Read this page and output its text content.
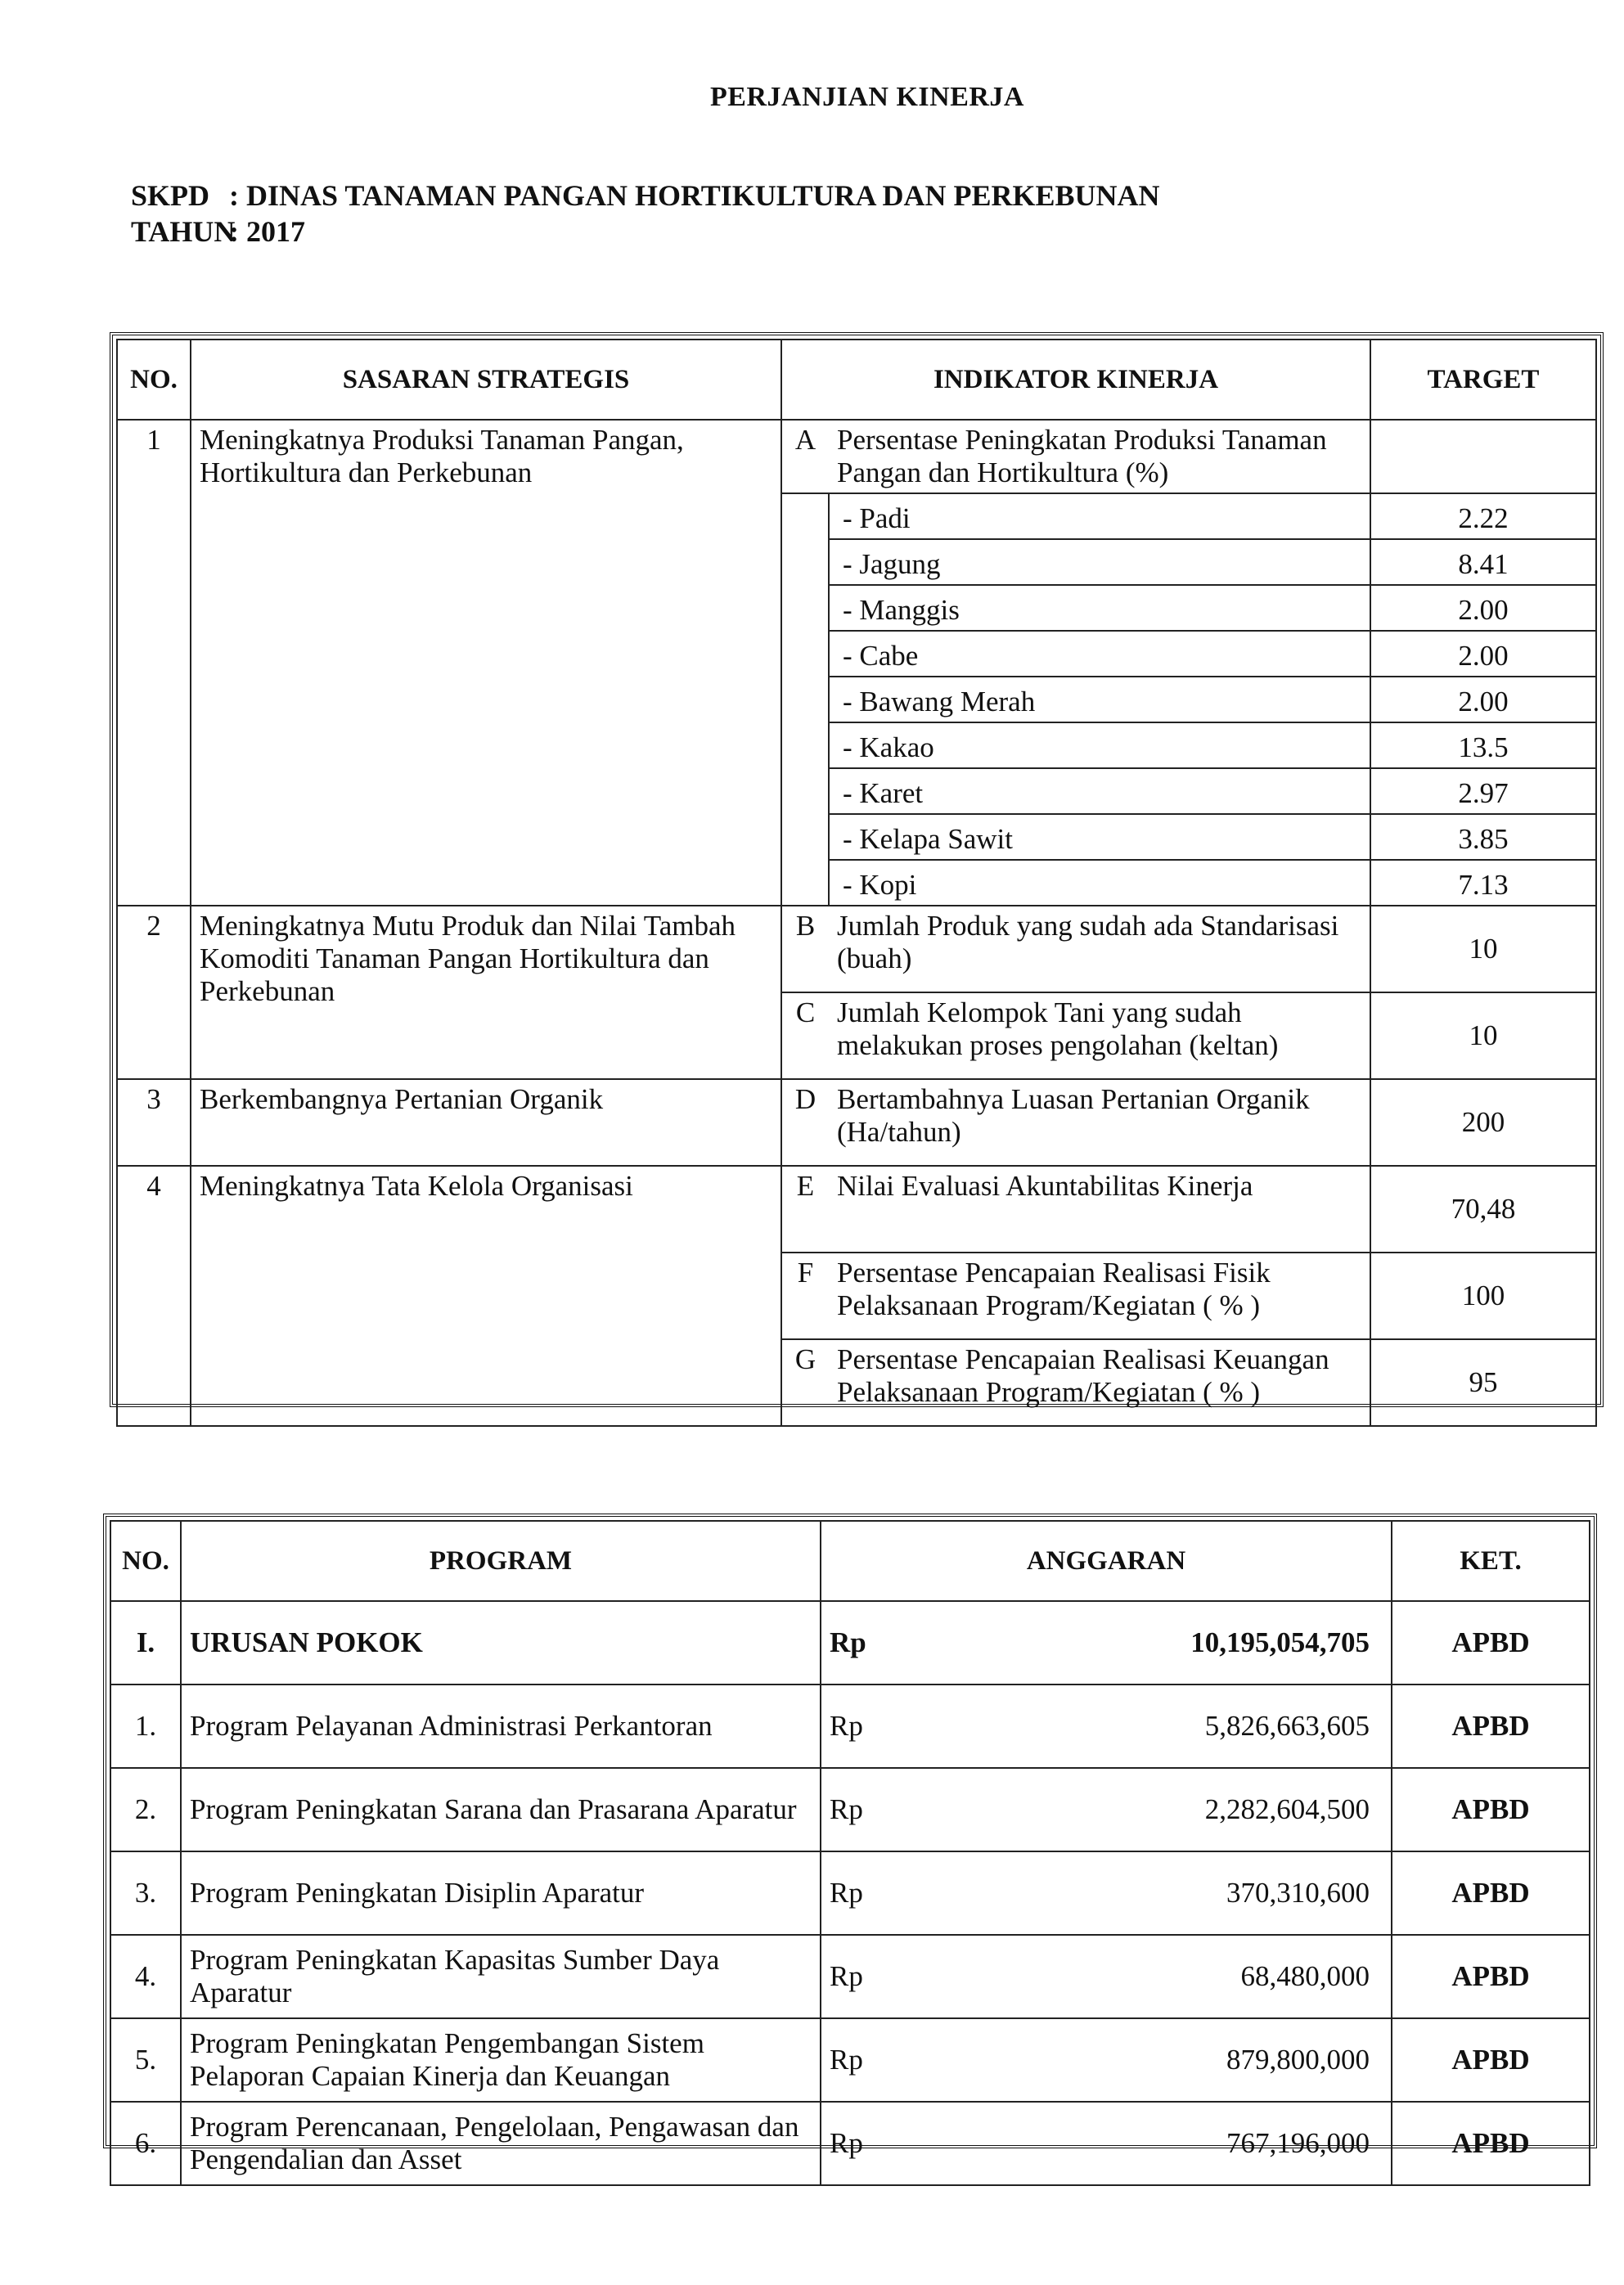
PERJANJIAN KINERJA
SKPD : DINAS TANAMAN PANGAN HORTIKULTURA DAN PERKEBUNAN
TAHUN: 2017
NO.	SASARAN STRATEGIS	INDIKATOR KINERJA		TARGET
1	Meningkatnya Produksi Tanaman Pangan, Hortikultura dan Perkebunan	A	Persentase Peningkatan Produksi Tanaman Pangan dan Hortikultura (%)	
			- Padi	2.22
			- Jagung	8.41
			- Manggis	2.00
			- Cabe	2.00
			- Bawang Merah	2.00
			- Kakao	13.5
			- Karet	2.97
			- Kelapa Sawit	3.85
			- Kopi	7.13
2	Meningkatnya Mutu Produk dan Nilai Tambah Komoditi Tanaman Pangan Hortikultura dan Perkebunan	B	Jumlah Produk yang sudah ada Standarisasi (buah)	10
		C	Jumlah Kelompok Tani yang sudah melakukan proses pengolahan (keltan)	10
3	Berkembangnya Pertanian Organik	D	Bertambahnya Luasan Pertanian Organik (Ha/tahun)	200
4	Meningkatnya Tata Kelola Organisasi	E	Nilai Evaluasi Akuntabilitas Kinerja	70,48
		F	Persentase Pencapaian Realisasi Fisik Pelaksanaan Program/Kegiatan ( % )	100
		G	Persentase Pencapaian Realisasi Keuangan Pelaksanaan Program/Kegiatan ( % )	95
NO.	PROGRAM	ANGGARAN		KET.
I.	URUSAN POKOK	Rp	10,195,054,705	APBD
1.	Program Pelayanan Administrasi Perkantoran	Rp	5,826,663,605	APBD
2.	Program Peningkatan Sarana dan Prasarana Aparatur	Rp	2,282,604,500	APBD
3.	Program Peningkatan Disiplin Aparatur	Rp	370,310,600	APBD
4.	Program Peningkatan Kapasitas Sumber Daya Aparatur	Rp	68,480,000	APBD
5.	Program Peningkatan Pengembangan Sistem Pelaporan Capaian Kinerja dan Keuangan	Rp	879,800,000	APBD
6.	Program Perencanaan, Pengelolaan, Pengawasan dan Pengendalian dan Asset	Rp	767,196,000	APBD
